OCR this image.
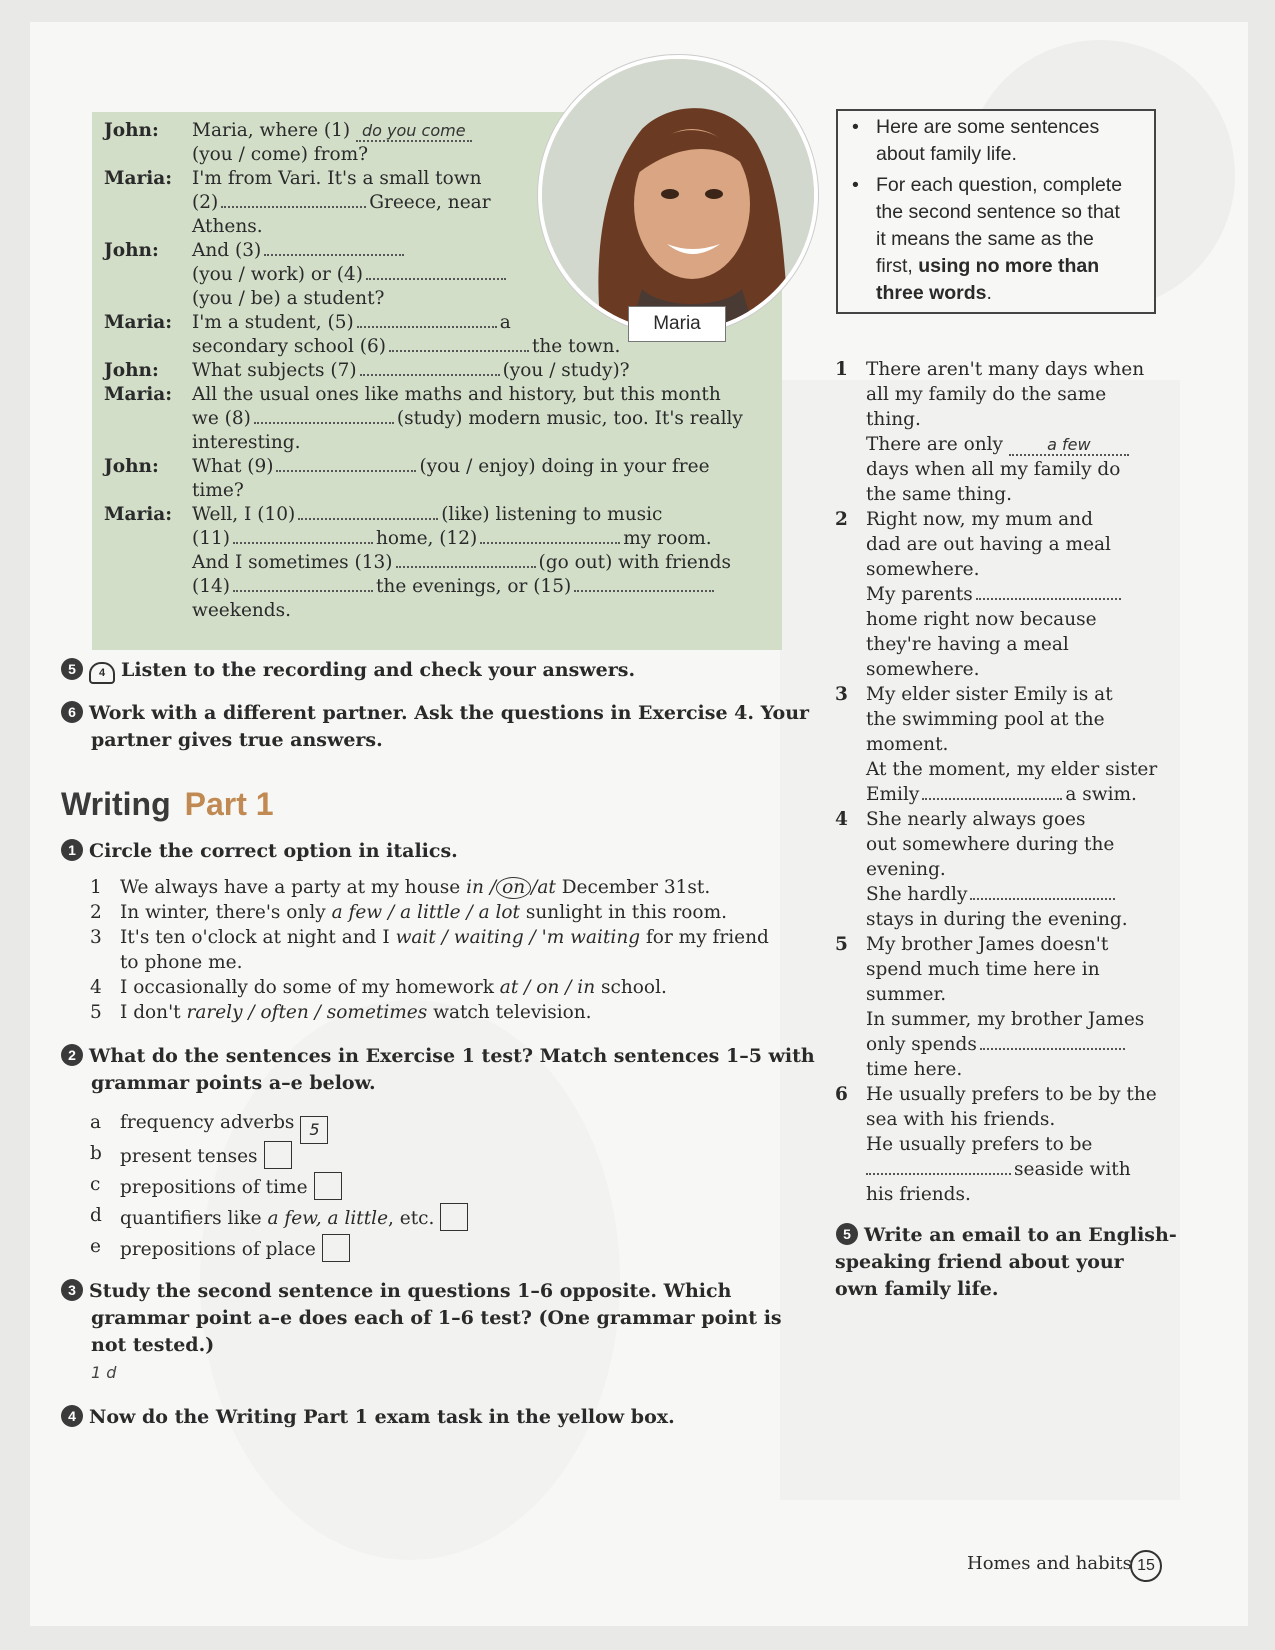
John: Maria, where (1) do you come
(you / come) from?
Maria: I'm from Vari. It's a small town
(2)	Greece, near
Athens.
John: And (3)
(you / work) or (4)
(you / be) a student?
Maria: I'm a student, (5)	a
secondary school (6)	the town.
John: What subjects (7)	(you / study)?
Maria: All the usual ones like maths and history, but this month
we (8)	(study) modern music, too. It's really
interesting.
John: What (9)	(you / enjoy) doing in your free
time?
Maria: Well, I (10)	(like) listening to music
(11)	home, (12)	my room.
And I sometimes (13)	(go out) with friends
(14)	the evenings, or (15)
weekends.
Maria
• Here are some sentences
about family life.
• For each question, complete
the second sentence so that
it means the same as the
first, using no more than
three words.
5 4 Listen to the recording and check your answers.
6 Work with a different partner. Ask the questions in Exercise 4. Your
partner gives true answers.
Writing Part 1
1 Circle the correct option in italics.
1 We always have a party at my house in / on /at December 31st.
2 In winter, there's only a few / a little / a lot sunlight in this room.
3 It's ten o'clock at night and I wait / waiting / 'm waiting for my friend
to phone me.
4 I occasionally do some of my homework at / on / in school.
5 I don't rarely / often / sometimes watch television.
2 What do the sentences in Exercise 1 test? Match sentences 1–5 with
grammar points a–e below.
a frequency adverbs 5
b present tenses
c prepositions of time
d quantifiers like a few, a little, etc.
e prepositions of place
3 Study the second sentence in questions 1–6 opposite. Which
grammar point a–e does each of 1–6 test? (One grammar point is
not tested.)
1 d
4 Now do the Writing Part 1 exam task in the yellow box.
1 There aren't many days when
all my family do the same
thing.
There are only	a few
days when all my family do
the same thing.
2 Right now, my mum and
dad are out having a meal
somewhere.
My parents
home right now because
they're having a meal
somewhere.
3 My elder sister Emily is at
the swimming pool at the
moment.
At the moment, my elder sister
Emily	a swim.
4 She nearly always goes
out somewhere during the
evening.
She hardly
stays in during the evening.
5 My brother James doesn't
spend much time here in
summer.
In summer, my brother James
only spends
time here.
6 He usually prefers to be by the
sea with his friends.
He usually prefers to be
seaside with
his friends.
5 Write an email to an English-
speaking friend about your
own family life.
Homes and habits 15
